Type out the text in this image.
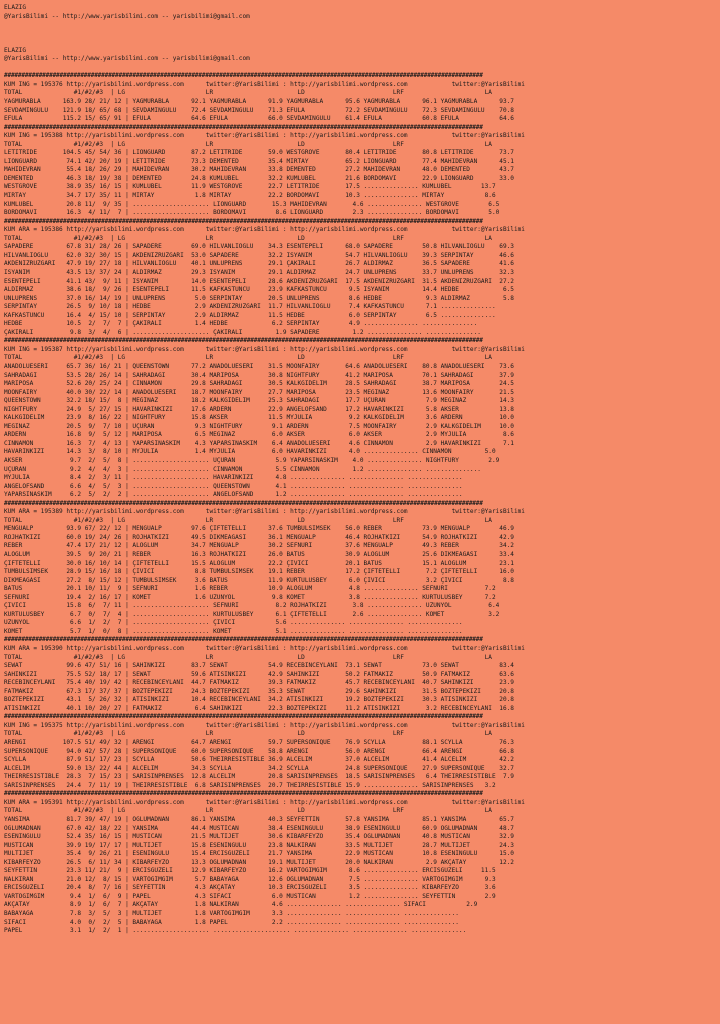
ELAZIG
@YarisBilimi -- http://www.yarisbilimi.com -- yarisbilimi@gmail.com
ELAZIG
@YarisBilimi -- http://www.yarisbilimi.com -- yarisbilimi@gmail.com
##########################################################################################################################################
KUM ING = 195376 http://yarisbilimi.wordpress.com      twitter:@YarisBilimi : http://yarisbilimi.wordpress.com            twitter:@YarisBilimi
TOTAL              #1/#2/#3  | LG                      LR                       LD                        LRF                      LA
YAGMURABLA      163.9 28/ 21/ 12 | YAGMURABLA      92.1 YAGMURABLA      91.9 YAGMURABLA      95.6 YAGMURABLA      96.1 YAGMURABLA      93.7
SEVDAMINGÜLÜ    121.9 18/ 65/ 68 | SEVDAMINGÜLÜ    72.4 SEVDAMINGÜLÜ    71.3 EFULA           72.2 SEVDAMINGÜLÜ    72.3 SEVDAMINGÜLÜ    70.8
EFULA           115.2 15/ 65/ 91 | EFULA           64.6 EFULA           66.0 SEVDAMINGÜLÜ    61.4 EFULA           60.8 EFULA           64.6
##########################################################################################################################################
KUM ING = 195388 http://yarisbilimi.wordpress.com      twitter:@YarisBilimi : http://yarisbilimi.wordpress.com            twitter:@YarisBilimi
TOTAL              #1/#2/#3  | LG                      LR                       LD                        LRF                      LA
LETITRIDE       104.5 45/ 54/ 36 | LIONGUARD       87.2 LETITRIDE       59.0 WESTGROVE       80.4 LETITRIDE       80.8 LETITRIDE       73.7
LIONGUARD        74.1 42/ 20/ 19 | LETITRIDE       73.3 DEMENTED        35.4 MIRTAY          65.2 LIONGUARD       77.4 MAHIDEVRAN      45.1
MAHIDEVRAN       55.4 18/ 26/ 29 | MAHIDEVRAN      30.2 MAHIDEVRAN      33.8 DEMENTED        27.2 MAHIDEVRAN      48.0 DEMENTED        43.7
DEMENTED         46.3 18/ 19/ 38 | DEMENTED        24.8 KUMLUBEL        32.2 KUMLUBEL        21.6 BORDOMAVI       22.9 LIONGUARD       33.0
WESTGROVE        38.9 35/ 16/ 15 | KUMLUBEL        11.9 WESTGROVE       22.7 LETITRIDE       17.5 ............... KUMLUBEL        13.7
MIRTAY           34.7 17/ 35/ 11 | MIRTAY           1.8 MIRTAY          22.2 BORDOMAVI       10.3 ............... MIRTAY           8.6
KUMLUBEL         20.8 11/  9/ 35 | ..................... LIONGUARD       15.3 MAHIDEVRAN       4.6 ............... WESTGROVE        6.5
BORDOMAVI        16.3  4/ 11/  7 | ..................... BORDOMAVI        8.6 LIONGUARD        2.3 ............... BORDOMAVI        5.0
##########################################################################################################################################
KUM ARA = 195386 http://yarisbilimi.wordpress.com      twitter:@YarisBilimi : http://yarisbilimi.wordpress.com            twitter:@YarisBilimi
TOTAL              #1/#2/#3  | LG                      LR                       LD                        LRF                      LA
SAPADERE         67.8 31/ 28/ 26 | SAPADERE        69.0 HILVANLIOGLU    34.3 ESENTEPELI      68.0 SAPADERE        50.8 HILVANLIOGLU    69.3
HILVANLIOGLU     62.0 32/ 30/ 15 | AKDENIZRÜZGARI  53.0 SAPADERE        32.2 ISYANIM         54.7 HILVANLIOGLU    39.3 SERPINTAY       46.6
AKDENIZRÜZGARI   47.9 19/ 27/ 18 | HILVANLIOGLU    40.1 ÜNLÜPRENS       29.1 ÇAKIRALI        26.7 ALDIRMAZ        36.5 SAPADERE        41.6
ISYANIM          43.5 13/ 37/ 24 | ALDIRMAZ        29.3 ISYANIM         29.1 ALDIRMAZ        24.7 ÜNLÜPRENS       33.7 ÜNLÜPRENS       32.3
ESENTEPELI       41.1 43/  9/ 11 | ISYANIM         14.0 ESENTEPELI      28.6 AKDENIZRÜZGARI  17.5 AKDENIZRÜZGARI  31.5 AKDENIZRÜZGARI  27.2
ALDIRMAZ         38.6 18/  9/ 26 | ESENTEPELI      11.5 KAFKASTUNCU     23.9 KAFKASTUNCU      9.5 ISYANIM         14.4 HEDBE            6.5
ÜNLÜPRENS        37.0 16/ 14/ 19 | ÜNLÜPRENS        5.0 SERPINTAY       20.5 ÜNLÜPRENS        8.6 HEDBE            9.3 ALDIRMAZ         5.8
SERPINTAY        26.5  9/ 10/ 18 | HEDBE            2.9 AKDENIZRÜZGARI  11.7 HILVANLIOGLU     7.4 KAFKASTUNCU      7.1 ...............
KAFKASTUNCU      16.4  4/ 15/ 10 | SERPINTAY        2.9 ALDIRMAZ        11.5 HEDBE            6.0 SERPINTAY        6.5 ...............
HEDBE            10.5  2/  7/  7 | ÇAKIRALI         1.4 HEDBE            6.2 SERPINTAY        4.9 ............... ...............
ÇAKIRALI          9.8  3/  4/  6 | ..................... ÇAKIRALI         1.9 SAPADERE         1.2 ............... ...............
##########################################################################################################################################
KUM ING = 195387 http://yarisbilimi.wordpress.com      twitter:@YarisBilimi : http://yarisbilimi.wordpress.com            twitter:@YarisBilimi
TOTAL              #1/#2/#3  | LG                      LR                       LD                        LRF                      LA
ANADOLUESERI     65.7 36/ 16/ 21 | QUEENSTOWN      77.2 ANADOLUESERI    31.5 MOONFAIRY       64.6 ANADOLUESERI    80.8 ANADOLUESERI    73.6
SAHRADAGI        53.5 28/ 26/ 14 | SAHRADAGI       30.4 MARIPOSA        30.8 NIGHTFURY       41.2 MARIPOSA        70.1 SAHRADAGI       37.9
MARIPOSA         52.6 20/ 25/ 24 | CINNAMON        29.8 SAHRADAGI       30.5 KALKGIDELIM     28.5 SAHRADAGI       38.7 MARIPOSA        24.5
MOONFAIRY        40.0 30/ 22/ 14 | ANADOLUESERI    18.7 MOONFAIRY       27.7 MARIPOSA        23.5 MEGINAZ         13.6 MOONFAIRY       21.5
QUEENSTOWN       32.2 18/ 15/  8 | MEGINAZ         18.2 KALKGIDELIM     25.3 SAHRADAGI       17.7 UÇURAN           7.9 MEGINAZ         14.3
NIGHTFURY        24.9  5/ 27/ 15 | HAVARINKIZI     17.6 ARDERN          22.9 ANGELOFSAND     17.2 HAVARINKIZI      5.8 AKSER           13.8
KALKGIDELIM      23.9  8/ 16/ 22 | NIGHTFURY       15.8 AKSER           11.5 MYJULIA          9.2 KALKGIDELIM      3.6 ARDERN          10.0
MEGINAZ          20.5  9/  7/ 10 | UÇURAN           9.3 NIGHTFURY        9.1 ARDERN           7.5 MOONFAIRY        2.9 KALKGIDELIM     10.0
ARDERN           16.8  9/  5/ 12 | MARIPOSA         6.5 MEGINAZ          6.0 AKSER            6.0 AKSER            2.9 MYJULIA          8.6
CINNAMON         16.3  7/  4/ 13 | YAPARSINASKIM    4.3 YAPARSINASKIM    6.4 ANADOLUESERI     4.6 CINNAMON         2.9 HAVARINKIZI      7.1
HAVARINKIZI      14.3  3/  8/ 10 | MYJULIA          1.4 MYJULIA          6.0 HAVARINKIZI      4.0 ............... CINNAMON         5.0
AKSER             9.7  2/  5/  8 | ..................... UÇURAN           5.9 YAPARSINASKIM    4.0 ............... NIGHTFURY        2.9
UÇURAN            9.2  4/  4/  3 | ..................... CINNAMON         5.5 CINNAMON         1.2 ............... ...............
MYJULIA           8.4  2/  3/ 11 | ..................... HAVARINKIZI      4.8 ............... ............... ...............
ANGELOFSAND       6.6  4/  5/  3 | ..................... QUEENSTOWN       4.1 ............... ............... ...............
YAPARSINASKIM     6.2  5/  2/  2 | ..................... ANGELOFSAND      1.2 ............... ............... ...............
##########################################################################################################################################
KUM ARA = 195389 http://yarisbilimi.wordpress.com      twitter:@YarisBilimi : http://yarisbilimi.wordpress.com            twitter:@YarisBilimi
TOTAL              #1/#2/#3  | LG                      LR                       LD                        LRF                      LA
MENGÜALP         93.9 67/ 22/ 12 | MENGÜALP        97.6 ÇIFTETELLI      37.6 TUMBULSIMSEK    56.0 REBER           73.9 MENGÜALP        46.9
ROJHATKIZI       60.0 19/ 24/ 26 | ROJHATKIZI      49.5 DIKMEAGASI      36.1 MENGÜALP        46.4 ROJHATKIZI      54.9 ROJHATKIZI      42.9
REBER            47.4 17/ 21/ 12 | ALOGLUM         34.7 MENGÜALP        30.2 SEFNURI         37.6 MENGÜALP        49.3 REBER           34.2
ALOGLUM          39.5  9/ 20/ 21 | REBER           16.3 ROJHATKIZI      26.0 BATUS           30.9 ALOGLUM         25.6 DIKMEAGASI      33.4
ÇIFTETELLI       30.0 16/ 10/ 14 | ÇIFTETELLI      15.5 ALOGLUM         22.2 ÇIVICI          20.1 BATUS           15.1 ALOGLUM         23.1
TUMBULSIMSEK     28.9 15/ 16/ 18 | ÇIVICI           8.8 TUMBULSIMSEK    19.1 REBER           17.2 ÇIFTETELLI       7.2 ÇIFTETELLI      16.0
DIKMEAGASI       27.2  8/ 15/ 12 | TUMBULSIMSEK     3.6 BATUS           11.9 KURTULUSBEY      6.0 ÇIVICI           3.2 ÇIVICI           8.8
BATUS            20.1 10/ 11/  9 | SEFNURI          1.6 REBER           10.9 ALOGLUM          4.8 ............... SEFNURI          7.2
SEFNURI          19.4  2/ 16/ 17 | KOMET            1.6 UZUNYOL          9.8 KOMET            3.8 ............... KURTULUSBEY      7.2
ÇIVICI           15.8  6/  7/ 11 | ..................... SEFNURI          8.2 ROJHATKIZI       3.8 ............... UZUNYOL          6.4
KURTULUSBEY       6.7  0/  7/  4 | ..................... KURTULUSBEY      6.1 ÇIFTETELLI       2.6 ............... KOMET            3.2
UZUNYOL           6.6  1/  2/  7 | ..................... ÇIVICI           5.6 ............... ............... ...............
KOMET             5.7  1/  0/  8 | ..................... KOMET            5.1 ............... ............... ...............
##########################################################################################################################################
KUM ARA = 195390 http://yarisbilimi.wordpress.com      twitter:@YarisBilimi : http://yarisbilimi.wordpress.com            twitter:@YarisBilimi
TOTAL              #1/#2/#3  | LG                      LR                       LD                        LRF                      LA
SEWAT            99.6 47/ 51/ 16 | SAHINKIZI       83.7 SEWAT           54.9 RECEBINCEYLANI  73.1 SEWAT           73.0 SEWAT           83.4
SAHINKIZI        75.5 52/ 18/ 17 | SEWAT           59.6 ATISINKIZI      42.9 SAHINKIZI       50.2 FATMAKIZ        50.9 FATMAKIZ        63.6
RECEBINCEYLANI   75.4 40/ 19/ 42 | RECEBINCEYLANI  44.7 FATMAKIZ        39.3 FATMAKIZ        45.7 RECEBINCEYLANI  40.7 SAHINKIZI       23.9
FATMAKIZ         67.3 17/ 37/ 37 | BOZTEPEKIZI     24.3 BOZTEPEKIZI     35.3 SEWAT           29.6 SAHINKIZI       31.5 BOZTEPEKIZI     20.8
BOZTEPEKIZI      43.1  5/ 26/ 32 | ATISINKIZI      10.4 RECEBINCEYLANI  34.2 ATISINKIZI      19.2 BOZTEPEKIZI     30.3 ATISINKIZI      20.8
ATISINKIZI       40.1 10/ 20/ 27 | FATMAKIZ         6.4 SAHINKIZI       22.3 BOZTEPEKIZI     11.2 ATISINKIZI       3.2 RECEBINCEYLANI  16.8
##########################################################################################################################################
KUM ING = 195375 http://yarisbilimi.wordpress.com      twitter:@YarisBilimi : http://yarisbilimi.wordpress.com            twitter:@YarisBilimi
TOTAL              #1/#2/#3  | LG                      LR                       LD                        LRF                      LA
ARENGI          107.5 51/ 49/ 32 | ARENGI          64.7 ARENGI          59.7 SUPERSONIQUE    76.9 SCYLLA          88.1 SCYLLA          76.3
SUPERSONIQUE     94.0 42/ 57/ 28 | SUPERSONIQUE    60.0 SUPERSONIQUE    58.8 ARENGI          56.0 ARENGI          66.4 ARENGI          66.8
SCYLLA           87.9 51/ 17/ 23 | SCYLLA          50.6 THEIRRESISTIBLE 36.9 ALCELIM         37.0 ALCELIM         41.4 ALCELIM         42.2
ALCELIM          59.0 13/ 22/ 44 | ALCELIM         34.3 SCYLLA          34.2 SCYLLA          24.8 SUPERSONIQUE    27.9 SUPERSONIQUE    32.7
THEIRRESISTIBLE  28.3  7/ 15/ 23 | SARISINPRENSES  12.8 ALCELIM         20.8 SARISINPRENSES  18.5 SARISINPRENSES   6.4 THEIRRESISTIBLE  7.9
SARISINPRENSES   24.4  7/ 11/ 19 | THEIRRESISTIBLE  6.8 SARISINPRENSES  20.7 THEIRRESISTIBLE 15.9 ............... SARISINPRENSES   3.2
##########################################################################################################################################
KUM ARA = 195391 http://yarisbilimi.wordpress.com      twitter:@YarisBilimi : http://yarisbilimi.wordpress.com            twitter:@YarisBilimi
TOTAL              #1/#2/#3  | LG                      LR                       LD                        LRF                      LA
YANSIMA          81.7 39/ 47/ 19 | OGLUMADNAN      86.1 YANSIMA         40.3 SEYFETTIN       57.8 YANSIMA         85.1 YANSIMA         65.7
OGLUMADNAN       67.0 42/ 18/ 22 | YANSIMA         44.4 MUSTICAN        38.4 ESENINGÜLÜ      38.9 ESENINGÜLÜ      60.9 OGLUMADNAN      48.7
ESENINGÜLÜ       52.4 35/ 16/ 15 | MUSTICAN        21.5 MULTIJET        30.6 KIBARFEYZO      35.4 OGLUMADNAN      40.8 MUSTICAN        32.9
MUSTICAN         39.9 19/ 17/ 17 | MULTIJET        15.8 ESENINGÜLÜ      23.8 NALKIRAN        33.5 MULTIJET        28.7 MULTIJET        24.3
MULTIJET         35.4  9/ 26/ 21 | ESENINGÜLÜ      15.4 ERCISGÜZELI     21.7 YANSIMA         22.9 MUSTICAN        10.8 ESENINGÜLÜ      15.0
KIBARFEYZO       26.5  6/ 11/ 34 | KIBARFEYZO      13.3 OGLUMADNAN      19.1 MULTIJET        20.0 NALKIRAN         2.9 AKÇATAY         12.2
SEYFETTIN        23.3 11/ 21/  9 | ERCISGÜZELI     12.9 KIBARFEYZO      16.2 VARTOGIMGIM      8.6 ............... ERCISGÜZELI     11.5
NALKIRAN         21.0 12/  8/ 15 | VARTOGIMGIM      5.7 BABAYAGA        12.6 OGLUMADNAN       7.5 ............... VARTOGIMGIM      9.3
ERCISGÜZELI      20.4  8/  7/ 16 | SEYFETTIN        4.3 AKÇATAY         10.3 ERCISGÜZELI      3.5 ............... KIBARFEYZO       3.6
VARTOGIMGIM       9.4  1/  6/  9 | PAPEL            4.3 SIFACI           6.0 MUSTICAN         1.2 ............... SEYFETTIN        2.9
AKÇATAY           8.9  1/  6/  7 | AKÇATAY          1.8 NALKIRAN         4.6 ............... ............... SIFACI           2.9
BABAYAGA          7.8  3/  5/  3 | MULTIJET         1.8 VARTOGIMGIM      3.3 ............... ............... ...............
SIFACI            4.0  0/  2/  5 | BABAYAGA         1.8 PAPEL            2.2 ............... ............... ...............
PAPEL             3.1  1/  2/  1 | ..................... ..................... ............... ............... ...............
